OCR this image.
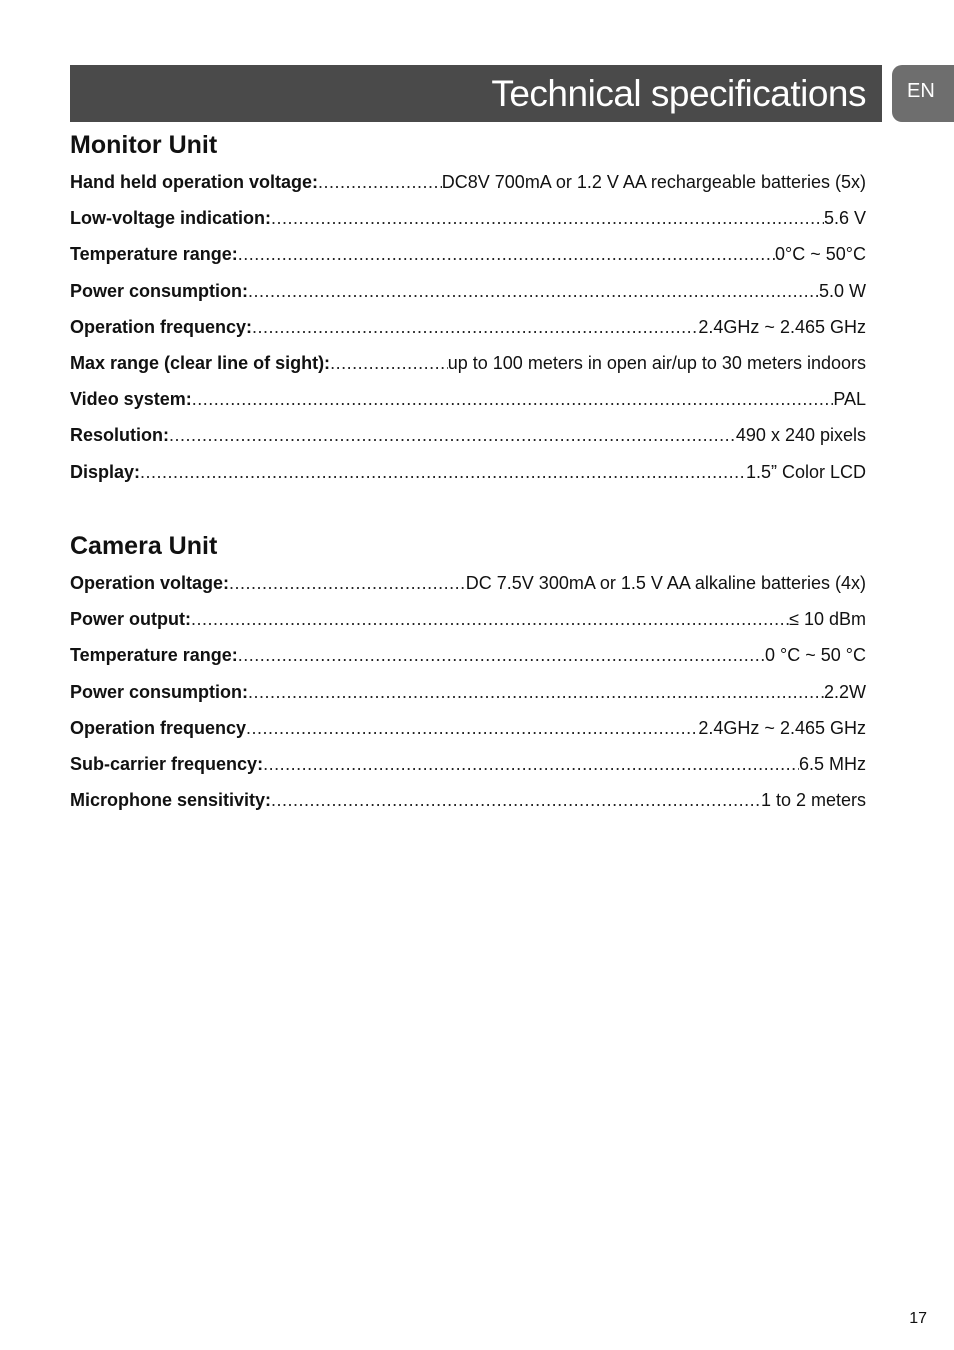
Technical specifications	EN
Monitor Unit
Hand held operation voltage: .....	DC8V 700mA or 1.2 V AA rechargeable batteries (5x)
Low-voltage indication: .....	5.6 V
Temperature range: .....	0°C ~ 50°C
Power consumption: .....	5.0 W
Operation frequency: .....	2.4GHz ~ 2.465 GHz
Max range (clear line of sight): .....	up to 100 meters in open air/up to 30 meters indoors
Video system: .....	PAL
Resolution: .....	490 x 240 pixels
Display: .....	1.5” Color LCD
Camera Unit
Operation voltage: .....	DC 7.5V 300mA or 1.5 V AA alkaline batteries (4x)
Power output: .....	≤ 10 dBm
Temperature range: .....	0 °C ~ 50 °C
Power consumption: .....	2.2W
Operation frequency .....	2.4GHz ~ 2.465 GHz
Sub-carrier frequency: .....	6.5 MHz
Microphone sensitivity: .....	1 to 2 meters
17
